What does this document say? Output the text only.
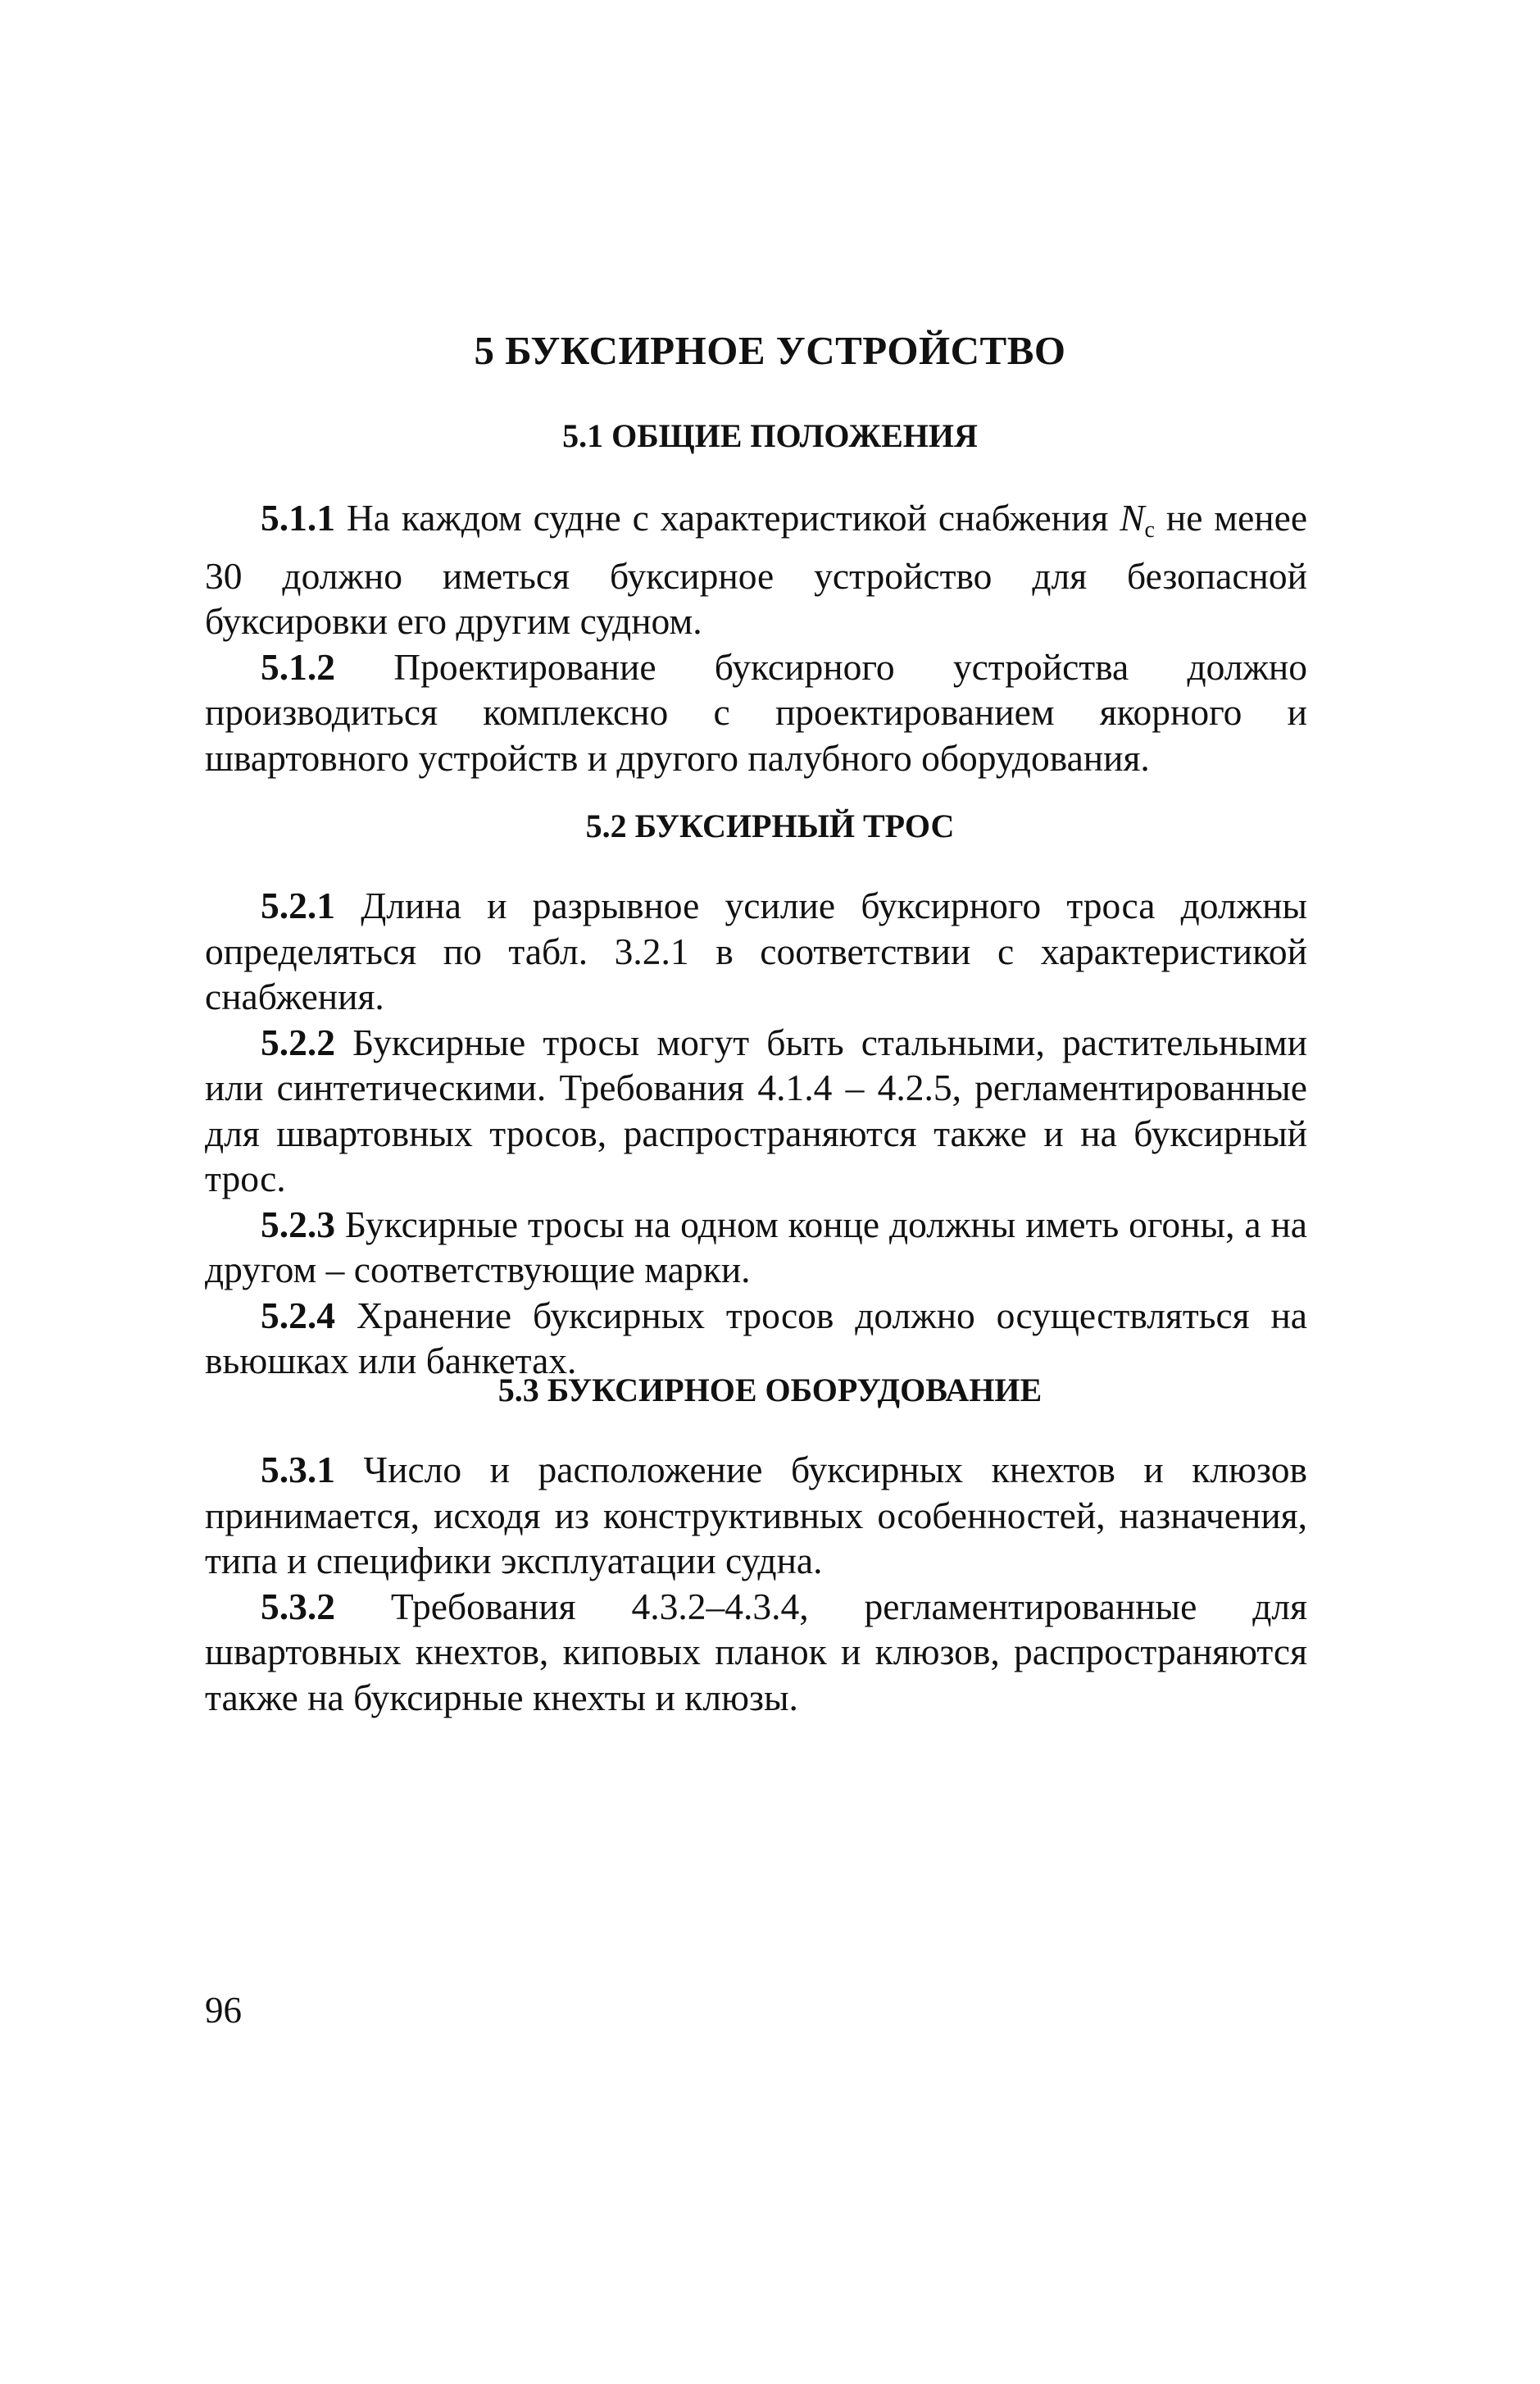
5 БУКСИРНОЕ УСТРОЙСТВО
5.1 ОБЩИЕ ПОЛОЖЕНИЯ

5.1.1 На каждом судне с характеристикой снабжения $N_с$ не менее 30 должно иметься буксирное устройство для безопасной буксировки его другим судном.

5.1.2 Проектирование буксирного устройства должно производиться комплексно с проектированием якорного и швартовного устройств и другого палубного оборудования.

5.2 БУКСИРНЫЙ ТРОС

5.2.1 Длина и разрывное усилие буксирного троса должны определяться по табл. 3.2.1 в соответствии с характеристикой снабжения.

5.2.2 Буксирные тросы могут быть стальными, растительными или синтетическими. Требования 4.1.4 – 4.2.5, регламентированные для швартовных тросов, распространяются также и на буксирный трос.

5.2.3 Буксирные тросы на одном конце должны иметь огоны, а на другом – соответствующие марки.

5.2.4 Хранение буксирных тросов должно осуществляться на вьюшках или банкетах.

5.3 БУКСИРНОЕ ОБОРУДОВАНИЕ

5.3.1 Число и расположение буксирных кнехтов и клюзов принимается, исходя из конструктивных особенностей, назначения, типа и специфики эксплуатации судна.

5.3.2 Требования 4.3.2–4.3.4, регламентированные для швартовных кнехтов, киповых планок и клюзов, распространяются также на буксирные кнехты и клюзы.

96
